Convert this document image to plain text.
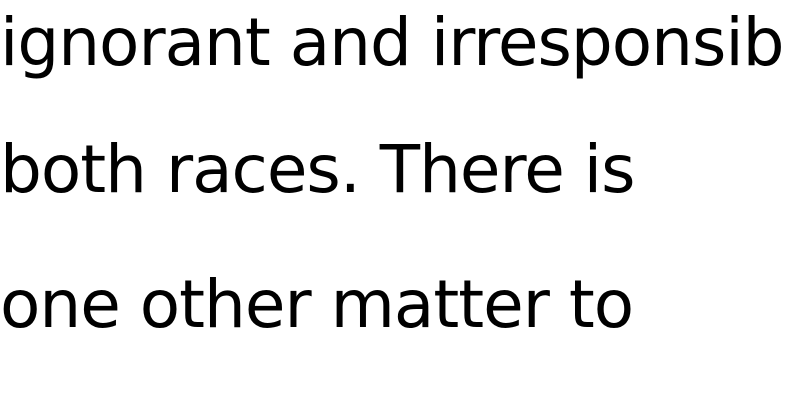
ignorant and irresponsib

both races. There is

one other matter to
